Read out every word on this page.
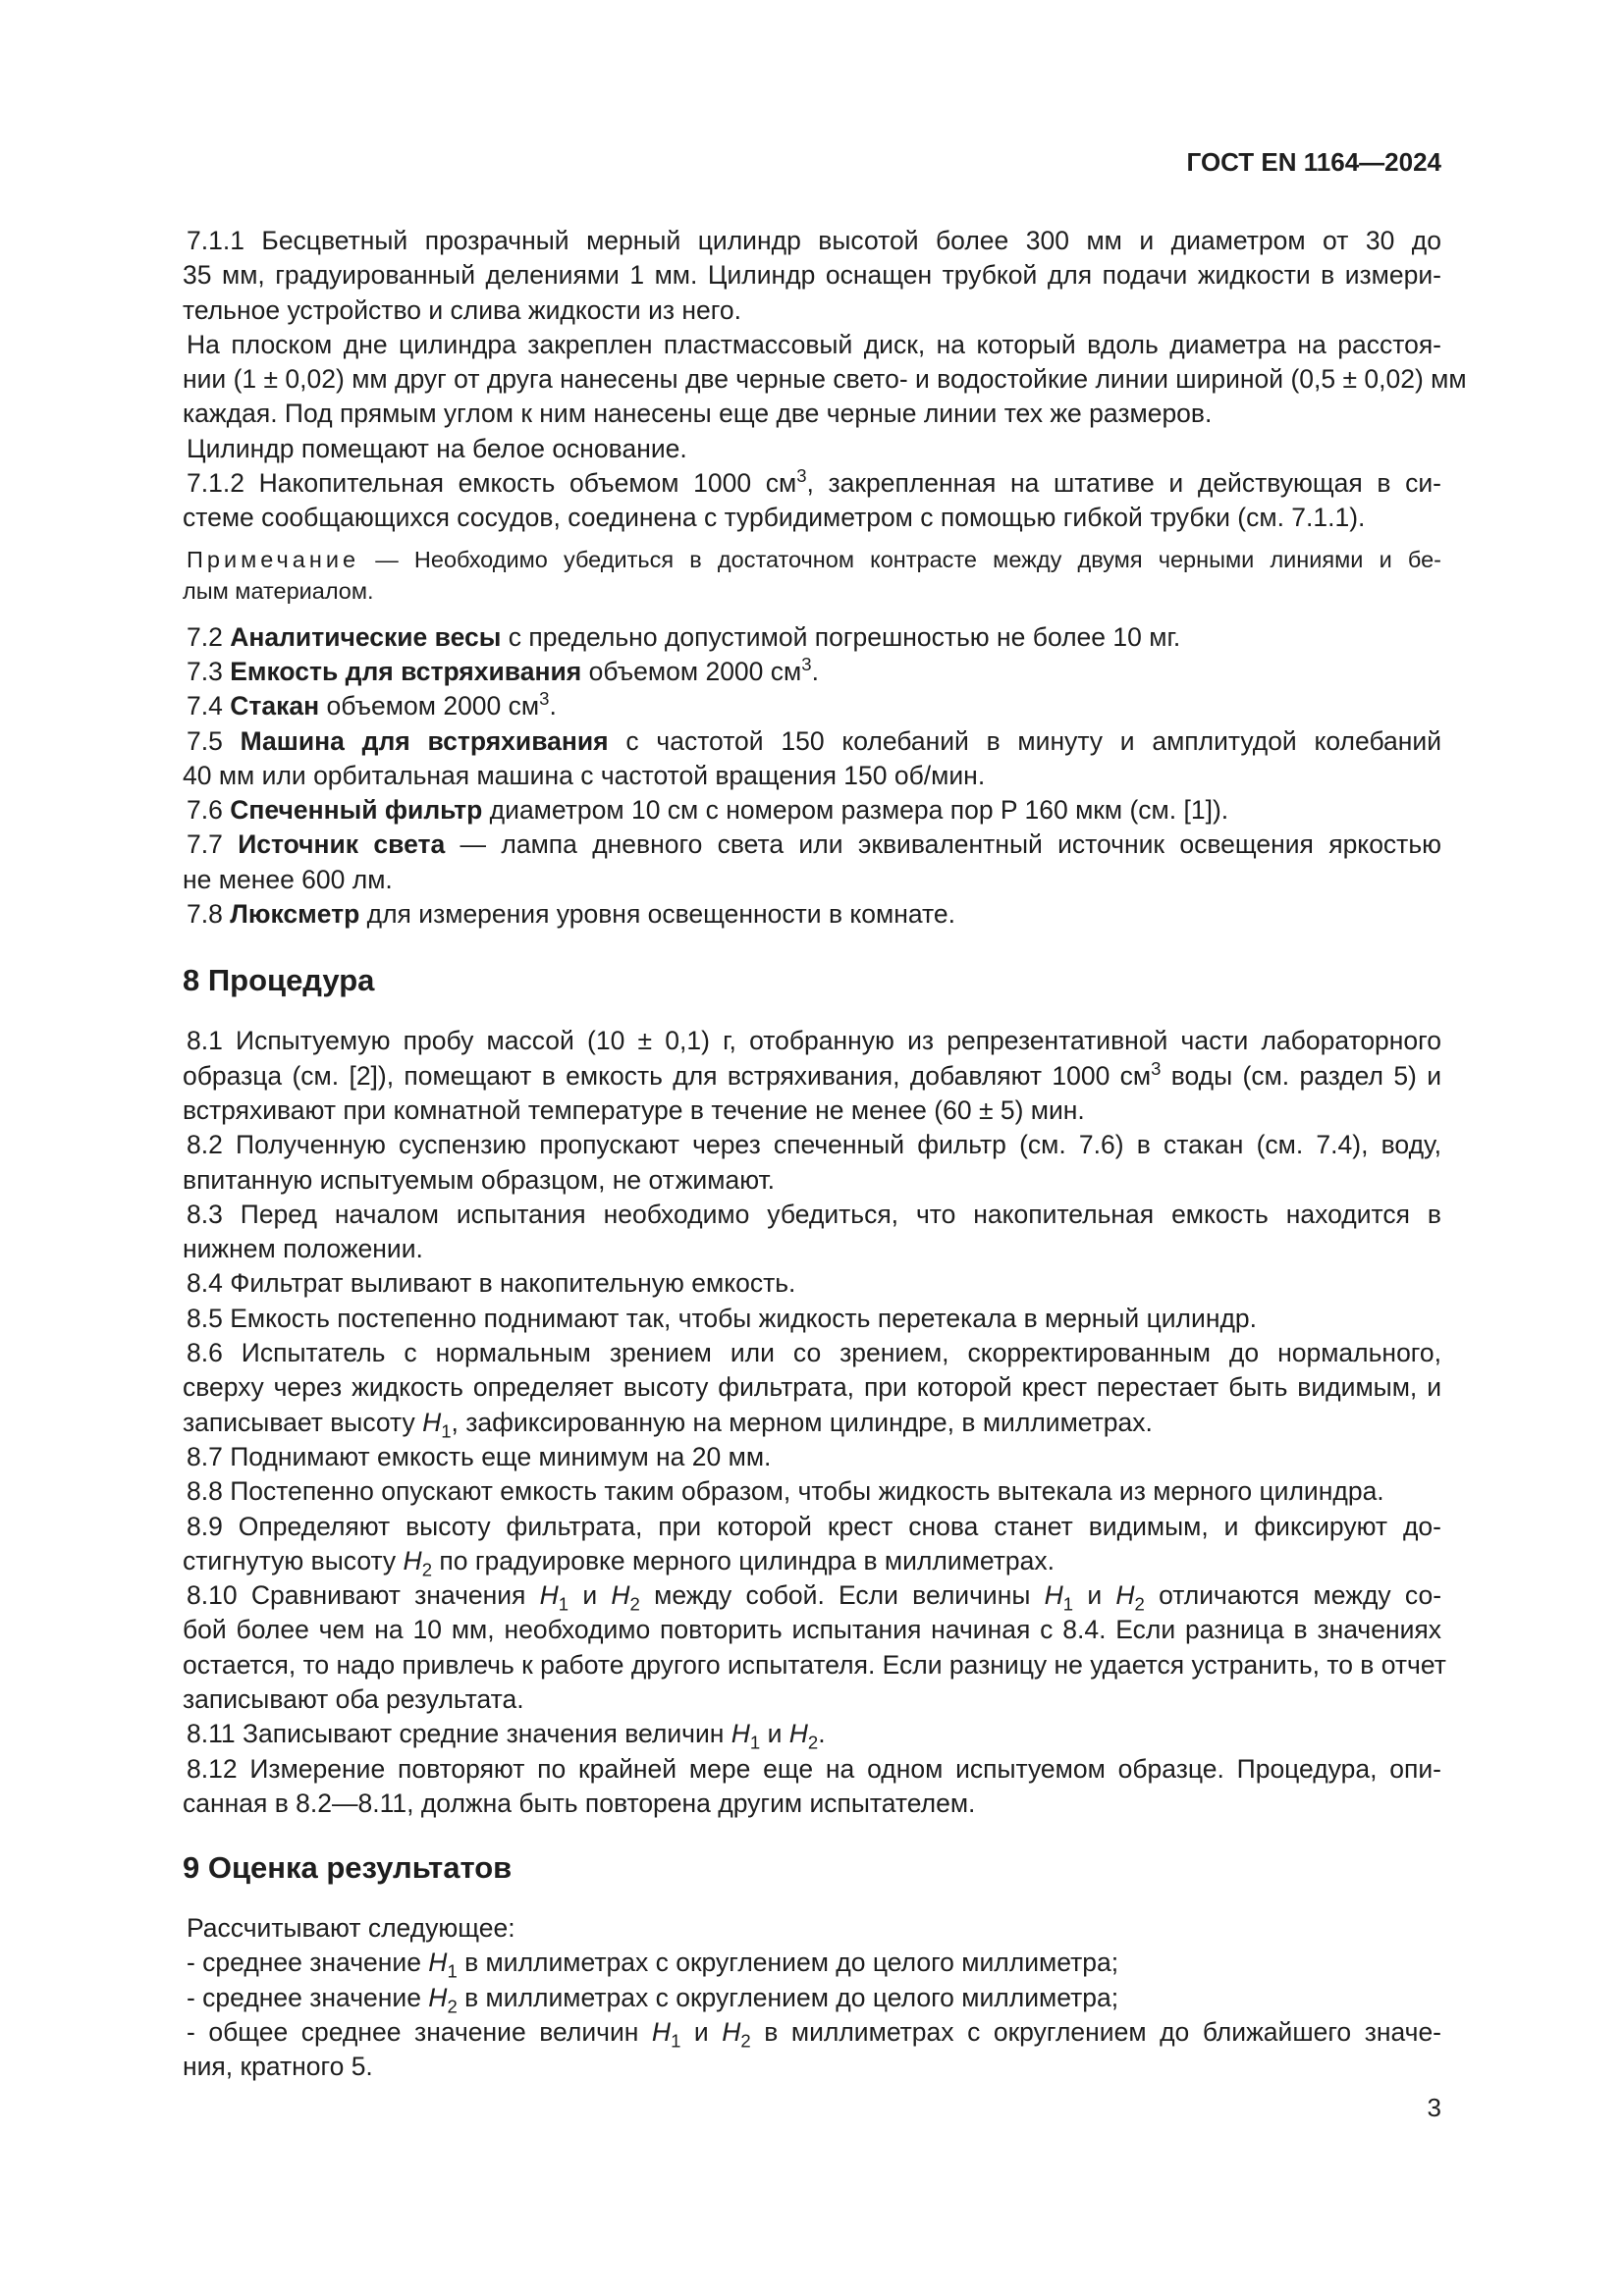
ГОСТ EN 1164—2024
7.1.1 Бесцветный прозрачный мерный цилиндр высотой более 300 мм и диаметром от 30 до
35 мм, градуированный делениями 1 мм. Цилиндр оснащен трубкой для подачи жидкости в измери-
тельное устройство и слива жидкости из него.
На плоском дне цилиндра закреплен пластмассовый диск, на который вдоль диаметра на расстоя-
нии (1 ± 0,02) мм друг от друга нанесены две черные свето- и водостойкие линии шириной (0,5 ± 0,02) мм
каждая. Под прямым углом к ним нанесены еще две черные линии тех же размеров.
Цилиндр помещают на белое основание.
7.1.2 Накопительная емкость объемом 1000 $см^3$, закрепленная на штативе и действующая в си-
стеме сообщающихся сосудов, соединена с турбидиметром с помощью гибкой трубки (см. 7.1.1).
Примечание — Необходимо убедиться в достаточном контрасте между двумя черными линиями и бе-
лым материалом.
7.2 Аналитические весы с предельно допустимой погрешностью не более 10 мг.
7.3 Емкость для встряхивания объемом 2000 $см^3$.
7.4 Стакан объемом 2000 $см^3$.
7.5 Машина для встряхивания с частотой 150 колебаний в минуту и амплитудой колебаний
40 мм или орбитальная машина с частотой вращения 150 об/мин.
7.6 Спеченный фильтр диаметром 10 см с номером размера пор P 160 мкм (см. [1]).
7.7 Источник света — лампа дневного света или эквивалентный источник освещения яркостью
не менее 600 лм.
7.8 Люксметр для измерения уровня освещенности в комнате.
8 Процедура
8.1 Испытуемую пробу массой (10 ± 0,1) г, отобранную из репрезентативной части лабораторного
образца (см. [2]), помещают в емкость для встряхивания, добавляют 1000 $см^3$ воды (см. раздел 5) и
встряхивают при комнатной температуре в течение не менее (60 ± 5) мин.
8.2 Полученную суспензию пропускают через спеченный фильтр (см. 7.6) в стакан (см. 7.4), воду,
впитанную испытуемым образцом, не отжимают.
8.3 Перед началом испытания необходимо убедиться, что накопительная емкость находится в
нижнем положении.
8.4 Фильтрат выливают в накопительную емкость.
8.5 Емкость постепенно поднимают так, чтобы жидкость перетекала в мерный цилиндр.
8.6 Испытатель с нормальным зрением или со зрением, скорректированным до нормального,
сверху через жидкость определяет высоту фильтрата, при которой крест перестает быть видимым, и
записывает высоту $H_1$, зафиксированную на мерном цилиндре, в миллиметрах.
8.7 Поднимают емкость еще минимум на 20 мм.
8.8 Постепенно опускают емкость таким образом, чтобы жидкость вытекала из мерного цилиндра.
8.9 Определяют высоту фильтрата, при которой крест снова станет видимым, и фиксируют до-
стигнутую высоту $H_2$ по градуировке мерного цилиндра в миллиметрах.
8.10 Сравнивают значения $H_1$ и $H_2$ между собой. Если величины $H_1$ и $H_2$ отличаются между со-
бой более чем на 10 мм, необходимо повторить испытания начиная с 8.4. Если разница в значениях
остается, то надо привлечь к работе другого испытателя. Если разницу не удается устранить, то в отчет
записывают оба результата.
8.11 Записывают средние значения величин $H_1$ и $H_2$.
8.12 Измерение повторяют по крайней мере еще на одном испытуемом образце. Процедура, опи-
санная в 8.2—8.11, должна быть повторена другим испытателем.
9 Оценка результатов
Рассчитывают следующее:
- среднее значение $H_1$ в миллиметрах с округлением до целого миллиметра;
- среднее значение $H_2$ в миллиметрах с округлением до целого миллиметра;
- общее среднее значение величин $H_1$ и $H_2$ в миллиметрах с округлением до ближайшего значе-
ния, кратного 5.
3
